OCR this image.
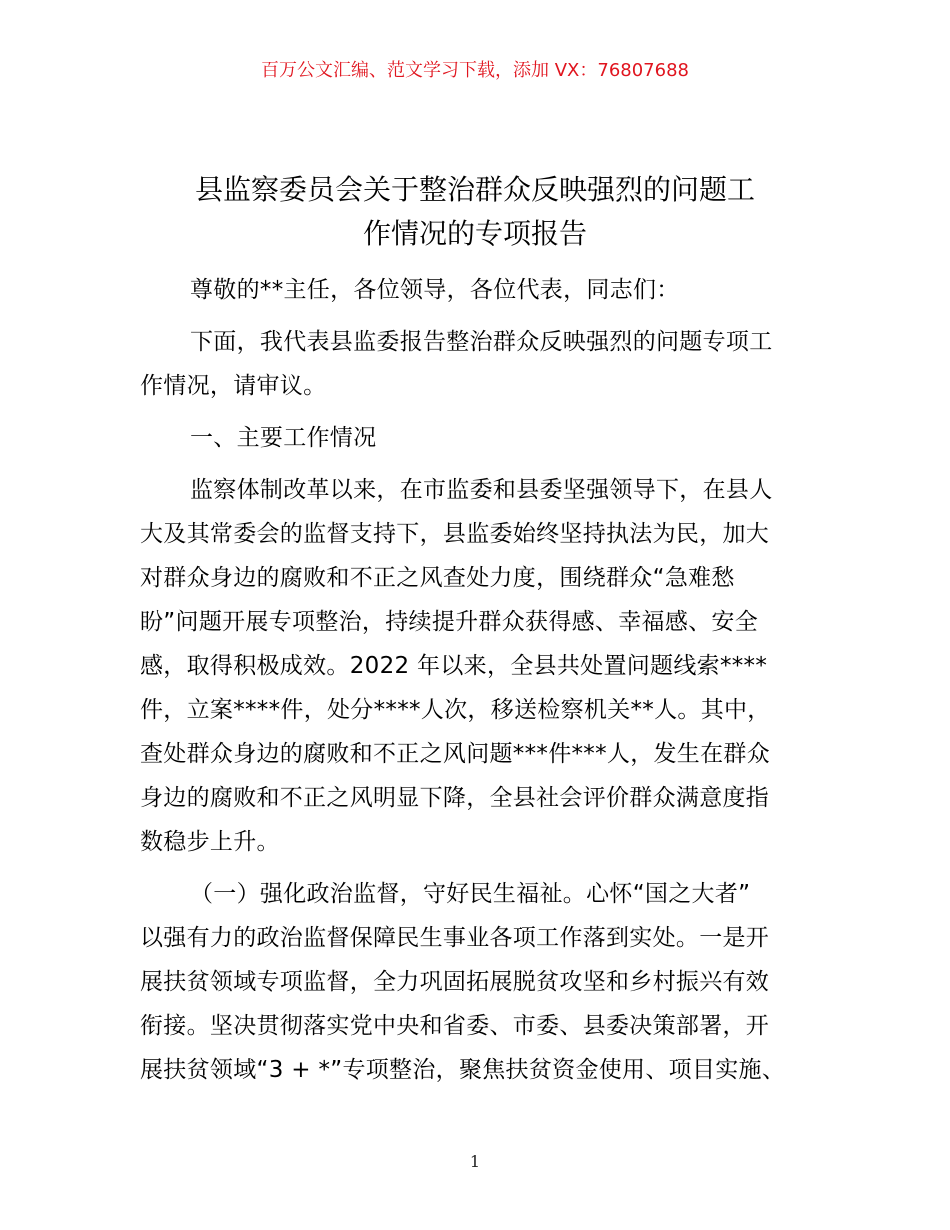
百万公文汇编、范文学习下载，添加 VX：76807688
县监察委员会关于整治群众反映强烈的问题工
作情况的专项报告
尊敬的**主任，各位领导，各位代表，同志们：
下面，我代表县监委报告整治群众反映强烈的问题专项工
作情况，请审议。
一、主要工作情况
监察体制改革以来，在市监委和县委坚强领导下，在县人
大及其常委会的监督支持下，县监委始终坚持执法为民，加大
对群众身边的腐败和不正之风查处力度，围绕群众“急难愁
盼”问题开展专项整治，持续提升群众获得感、幸福感、安全
感，取得积极成效。2022 年以来，全县共处置问题线索****
件，立案****件，处分****人次，移送检察机关**人。其中，
查处群众身边的腐败和不正之风问题***件***人，发生在群众
身边的腐败和不正之风明显下降，全县社会评价群众满意度指
数稳步上升。
（一）强化政治监督，守好民生福祉。心怀“国之大者”
以强有力的政治监督保障民生事业各项工作落到实处。一是开
展扶贫领域专项监督，全力巩固拓展脱贫攻坚和乡村振兴有效
衔接。坚决贯彻落实党中央和省委、市委、县委决策部署，开
展扶贫领域“3 + *”专项整治，聚焦扶贫资金使用、项目实施、
1
